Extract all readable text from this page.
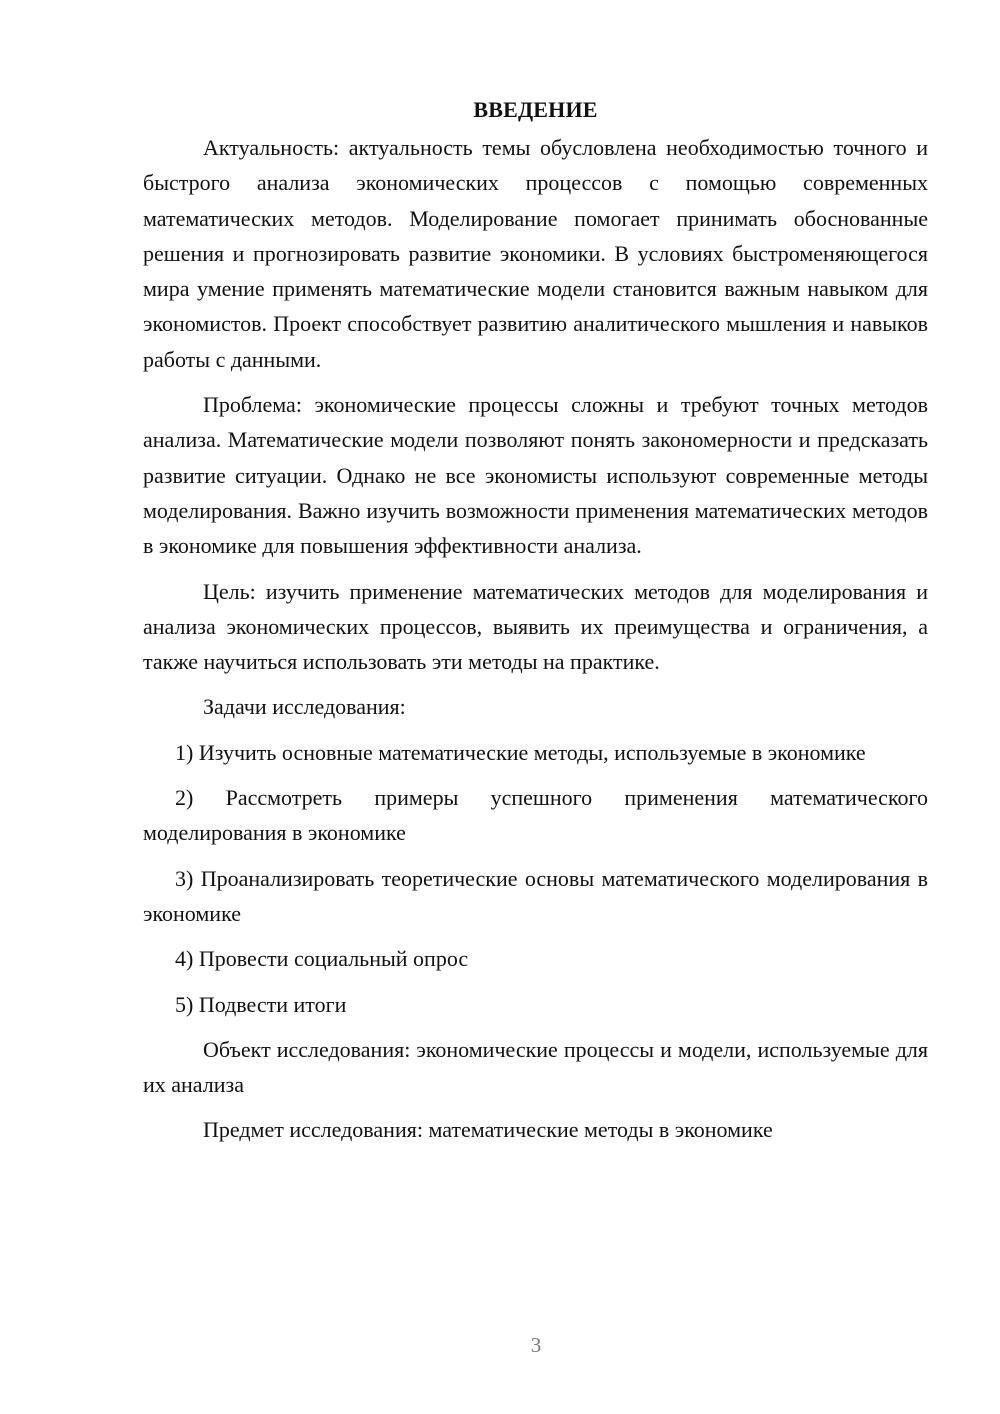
ВВЕДЕНИЕ

Актуальность: актуальность темы обусловлена необходимостью точного и быстрого анализа экономических процессов с помощью современных математических методов. Моделирование помогает принимать обоснованные решения и прогнозировать развитие экономики. В условиях быстроменяющегося мира умение применять математические модели становится важным навыком для экономистов. Проект способствует развитию аналитического мышления и навыков работы с данными.

Проблема: экономические процессы сложны и требуют точных методов анализа. Математические модели позволяют понять закономерности и предсказать развитие ситуации. Однако не все экономисты используют современные методы моделирования. Важно изучить возможности применения математических методов в экономике для повышения эффективности анализа.

Цель: изучить применение математических методов для моделирования и анализа экономических процессов, выявить их преимущества и ограничения, а также научиться использовать эти методы на практике.

Задачи исследования:

1) Изучить основные математические методы, используемые в экономике

2) Рассмотреть примеры успешного применения математического моделирования в экономике

3) Проанализировать теоретические основы математического моделирования в экономике

4) Провести социальный опрос

5) Подвести итоги

Объект исследования: экономические процессы и модели, используемые для их анализа

Предмет исследования: математические методы в экономике

3
